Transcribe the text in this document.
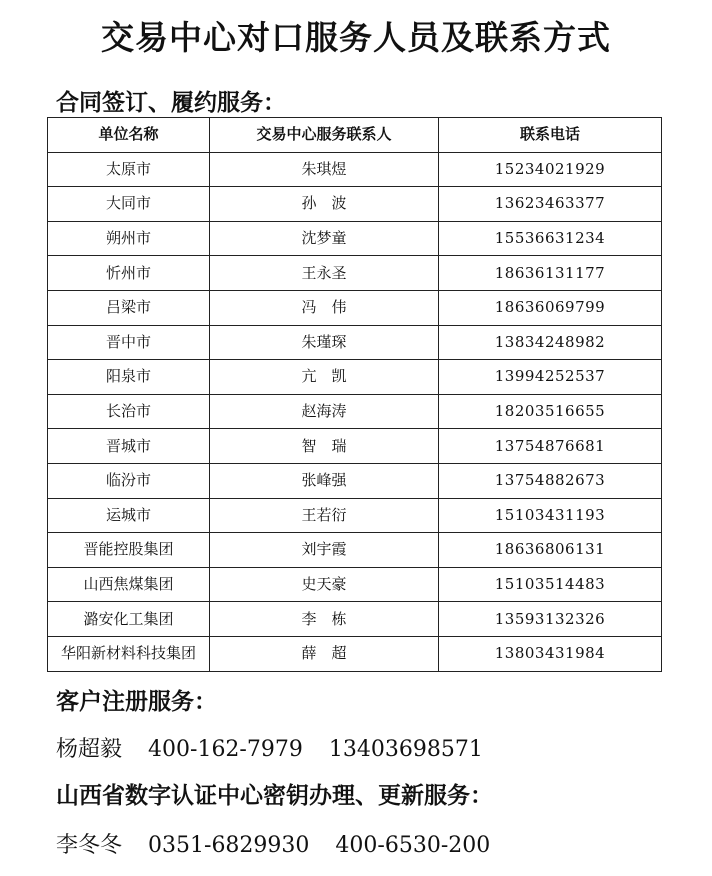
交易中心对口服务人员及联系方式
合同签订、履约服务：
单位名称	交易中心服务联系人	联系电话
太原市	朱琪煜	15234021929
大同市	孙　波	13623463377
朔州市	沈梦童	15536631234
忻州市	王永圣	18636131177
吕梁市	冯　伟	18636069799
晋中市	朱瑾琛	13834248982
阳泉市	亢　凯	13994252537
长治市	赵海涛	18203516655
晋城市	智　瑞	13754876681
临汾市	张峰强	13754882673
运城市	王若衍	15103431193
晋能控股集团	刘宇霞	18636806131
山西焦煤集团	史天豪	15103514483
潞安化工集团	李　栋	13593132326
华阳新材料科技集团	薛　超	13803431984
客户注册服务：

杨超毅 400-162-7979 13403698571

山西省数字认证中心密钥办理、更新服务：

李冬冬 0351-6829930 400-6530-200
